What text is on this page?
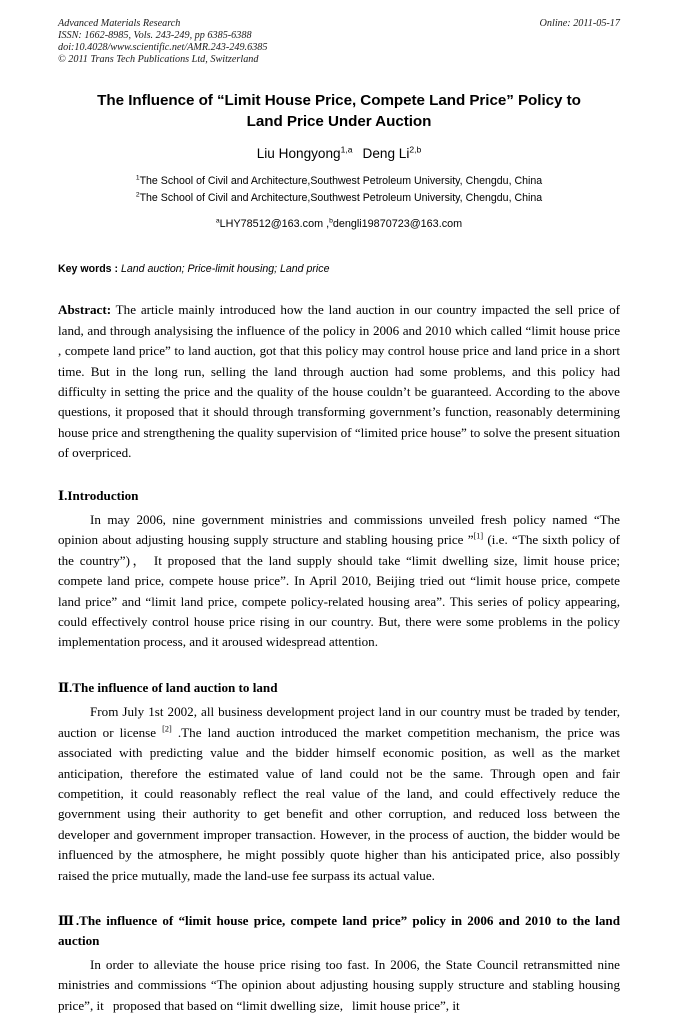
Advanced Materials Research
ISSN: 1662-8985, Vols. 243-249, pp 6385-6388
doi:10.4028/www.scientific.net/AMR.243-249.6385
© 2011 Trans Tech Publications Ltd, Switzerland
Online: 2011-05-17
The Influence of “Limit House Price, Compete Land Price” Policy to
Land Price Under Auction
Liu Hongyong$^{1,a}$ Deng Li$^{2,b}$
$^1$The School of Civil and Architecture,Southwest Petroleum University, Chengdu, China
$^2$The School of Civil and Architecture,Southwest Petroleum University, Chengdu, China
$^a$LHY78512@163.com ,$^b$dengli19870723@163.com
Key words : Land auction; Price-limit housing; Land price
Abstract: The article mainly introduced how the land auction in our country impacted the sell price of land, and through analysising the influence of the policy in 2006 and 2010 which called “limit house price , compete land price” to land auction, got that this policy may control house price and land price in a short time. But in the long run, selling the land through auction had some problems, and this policy had difficulty in setting the price and the quality of the house couldn’t be guaranteed. According to the above questions, it proposed that it should through transforming government’s function, reasonably determining house price and strengthening the quality supervision of “limited price house” to solve the present situation of overpriced.
Ⅰ.Introduction
In may 2006, nine government ministries and commissions unveiled fresh policy named “The opinion about adjusting housing supply structure and stabling housing price ”[1] (i.e. “The sixth policy of the country”)， It proposed that the land supply should take “limit dwelling size, limit house price; compete land price, compete house price”. In April 2010, Beijing tried out “limit house price, compete land price” and “limit land price, compete policy-related housing area”. This series of policy appearing, could effectively control house price rising in our country. But, there were some problems in the policy implementation process, and it aroused widespread attention.
Ⅱ.The influence of land auction to land
From July 1st 2002, all business development project land in our country must be traded by tender, auction or license [2] .The land auction introduced the market competition mechanism, the price was associated with predicting value and the bidder himself economic position, as well as the market anticipation, therefore the estimated value of land could not be the same. Through open and fair competition, it could reasonably reflect the real value of the land, and could effectively reduce the government using their authority to get benefit and other corruption, and reduced loss between the developer and government improper transaction. However, in the process of auction, the bidder would be influenced by the atmosphere, he might possibly quote higher than his anticipated price, also possibly raised the price mutually, made the land-use fee surpass its actual value.
Ⅲ.The influence of “limit house price, compete land price” policy in 2006 and 2010 to the land auction
In order to alleviate the house price rising too fast. In 2006, the State Council retransmitted nine ministries and commissions “The opinion about adjusting housing supply structure and stabling housing price”, it proposed that based on “limit dwelling size, limit house price”, it
